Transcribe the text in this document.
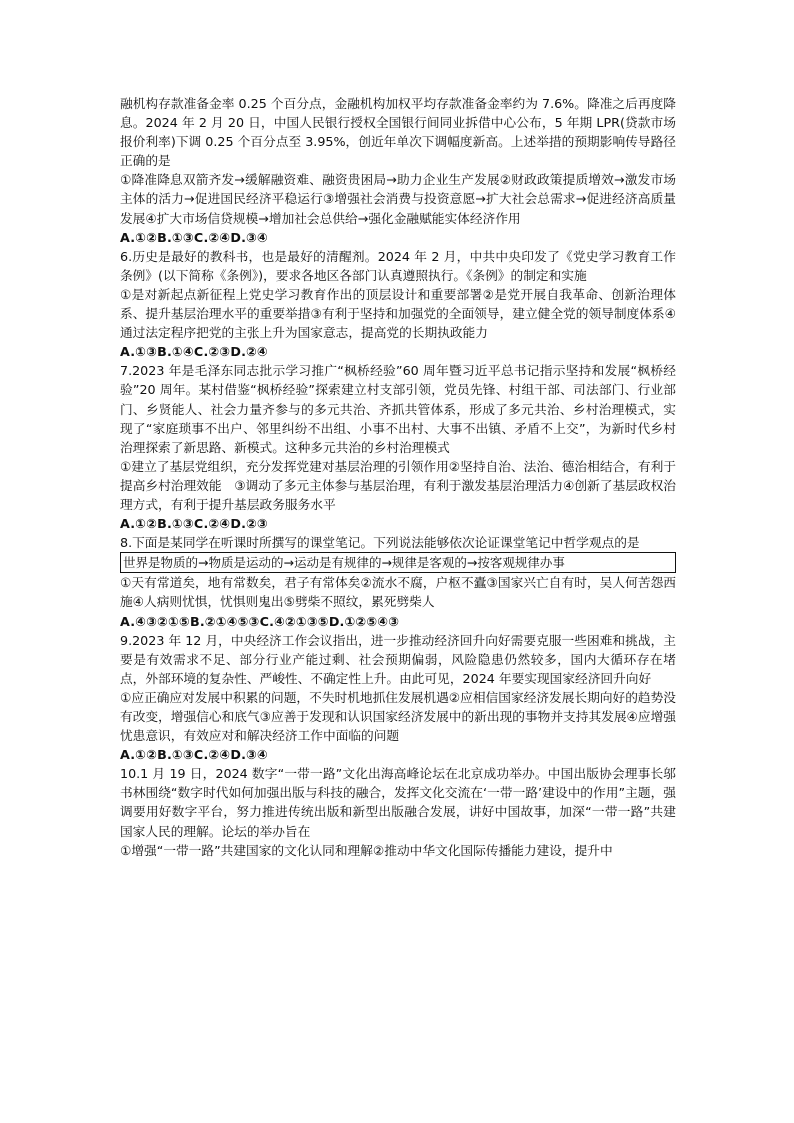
融机构存款准备金率 0.25 个百分点，金融机构加权平均存款准备金率约为 7.6%。降准之后再度降息。2024 年 2 月 20 日，中国人民银行授权全国银行间同业拆借中心公布，5 年期 LPR(贷款市场报价利率)下调 0.25 个百分点至 3.95%，创近年单次下调幅度新高。上述举措的预期影响传导路径正确的是

①降准降息双箭齐发→缓解融资难、融资贵困局→助力企业生产发展②财政政策提质增效→激发市场主体的活力→促进国民经济平稳运行③增强社会消费与投资意愿→扩大社会总需求→促进经济高质量发展④扩大市场信贷规模→增加社会总供给→强化金融赋能实体经济作用

A.①②B.①③C.②④D.③④

6.历史是最好的教科书，也是最好的清醒剂。2024 年 2 月，中共中央印发了《党史学习教育工作条例》(以下简称《条例》)，要求各地区各部门认真遵照执行。《条例》的制定和实施

①是对新起点新征程上党史学习教育作出的顶层设计和重要部署②是党开展自我革命、创新治理体系、提升基层治理水平的重要举措③有利于坚持和加强党的全面领导，建立健全党的领导制度体系④通过法定程序把党的主张上升为国家意志，提高党的长期执政能力

A.①③B.①④C.②③D.②④

7.2023 年是毛泽东同志批示学习推广“枫桥经验”60 周年暨习近平总书记指示坚持和发展“枫桥经验”20 周年。某村借鉴“枫桥经验”探索建立村支部引领，党员先锋、村组干部、司法部门、行业部门、乡贤能人、社会力量齐参与的多元共治、齐抓共管体系，形成了多元共治、乡村治理模式，实现了“家庭琐事不出户、邻里纠纷不出组、小事不出村、大事不出镇、矛盾不上交”，为新时代乡村治理探索了新思路、新模式。这种多元共治的乡村治理模式

①建立了基层党组织，充分发挥党建对基层治理的引领作用②坚持自治、法治、德治相结合，有利于提高乡村治理效能　③调动了多元主体参与基层治理，有利于激发基层治理活力④创新了基层政权治理方式，有利于提升基层政务服务水平

A.①②B.①③C.②④D.②③

8.下面是某同学在听课时所撰写的课堂笔记。下列说法能够依次论证课堂笔记中哲学观点的是

世界是物质的→物质是运动的→运动是有规律的→规律是客观的→按客观规律办事

①天有常道矣，地有常数矣，君子有常体矣②流水不腐，户枢不蠹③国家兴亡自有时，吴人何苦怨西施④人病则忧惧，忧惧则鬼出⑤劈柴不照纹，累死劈柴人

A.④③②①⑤B.②①④⑤③C.④②①③⑤D.①②⑤④③

9.2023 年 12 月，中央经济工作会议指出，进一步推动经济回升向好需要克服一些困难和挑战，主要是有效需求不足、部分行业产能过剩、社会预期偏弱，风险隐患仍然较多，国内大循环存在堵点，外部环境的复杂性、严峻性、不确定性上升。由此可见，2024 年要实现国家经济回升向好

①应正确应对发展中积累的问题，不失时机地抓住发展机遇②应相信国家经济发展长期向好的趋势没有改变，增强信心和底气③应善于发现和认识国家经济发展中的新出现的事物并支持其发展④应增强忧患意识，有效应对和解决经济工作中面临的问题

A.①②B.①③C.②④D.③④

10.1 月 19 日，2024 数字“一带一路”文化出海高峰论坛在北京成功举办。中国出版协会理事长邬书林围绕“数字时代如何加强出版与科技的融合，发挥文化交流在‘一带一路’建设中的作用”主题，强调要用好数字平台，努力推进传统出版和新型出版融合发展，讲好中国故事，加深“一带一路”共建国家人民的理解。论坛的举办旨在

①增强“一带一路”共建国家的文化认同和理解②推动中华文化国际传播能力建设，提升中
